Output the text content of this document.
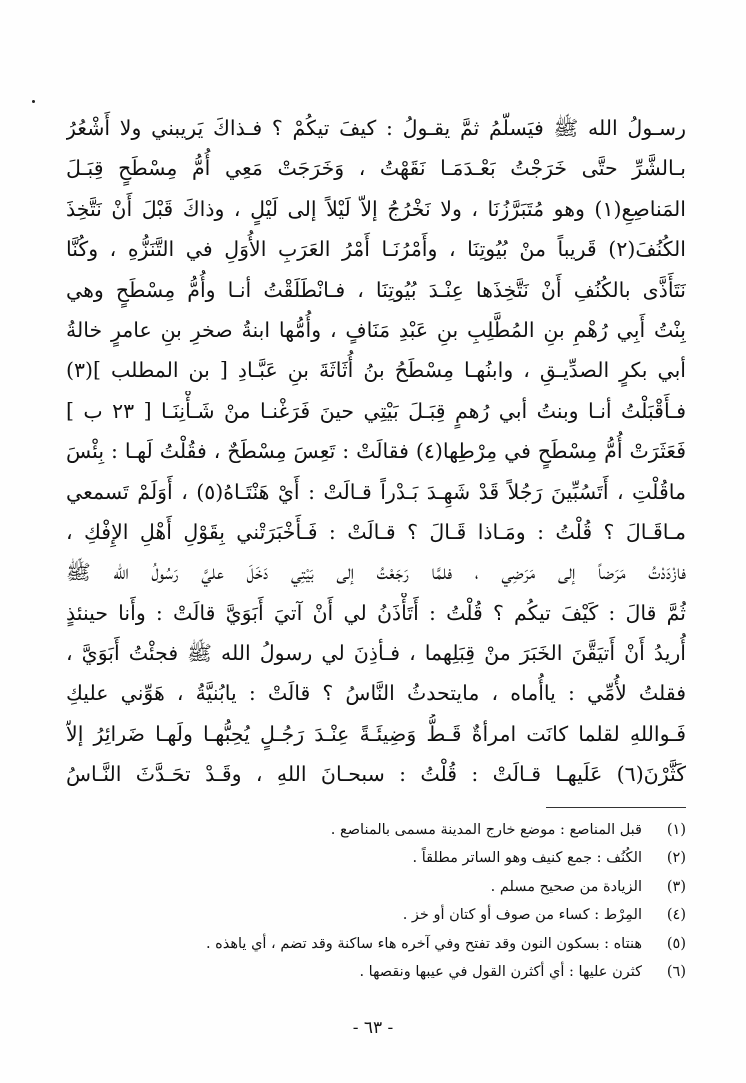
رسـولُ الله ﷺ فيَسلّمُ ثمَّ يقـولُ : كيفَ تيكُمْ ؟ فـذاكَ يَريبني ولا أَشْعُرُ
بـالشَّرِّ حتَّى خَرَجْتُ بَعْـدَمَـا نَقَهْتُ ، وَخَرَجَتْ مَعِي أُمُّ مِسْطَحٍ قِبَـلَ
المَناصِعِ(١) وهو مُتَبَرَّزُنَا ، ولا نَخْرُجُ إلاّ لَيْلاً إلى لَيْلٍ ، وذاكَ قَبْلَ أَنْ نَتَّخِذَ
الكُنُفَ(٢) قَريباً منْ بُيُوتِنَا ، وأَمْرُنَـا أَمْرُ العَرَبِ الأُوَلِ في التَّنَزُّهِ ، وكُنَّا
نَتَأَذَّى بالكُنُفِ أَنْ نَتَّخِذَها عِنْـدَ بُيُوتِنَا ، فـانْطَلَقْتُ أنـا وأُمُّ مِسْطَحٍ وهي
بِنْتُ أَبِي رُهْمِ بنِ المُطَّلِبِ بنِ عَبْدِ مَنَافٍ ، وأُمُّها ابنةُ صخرِ بنِ عامرٍ خالةُ
أبي بكرٍ الصدِّيـقِ ، وابنُهـا مِسْطَحُ بنُ أُثَاثَةَ بنِ عَبَّـادِ [ بن المطلب ](٣)
فـأَقْبَلْتُ أنـا وبنتُ أبي رُهمٍ قِبَـلَ بَيْتِي حينَ فَرَغْنـا منْ شَـأْنِنَـا [ ٢٣ ب ]
فَعَثَرَتْ أُمُّ مِسْطَحٍ في مِرْطِها(٤) فقالَتْ : تَعِسَ مِسْطَحٌ ، فقُلْتُ لَهـا : بِئْسَ
ماقُلْتِ ، أَتَسُبِّينَ رَجُلاً قَدْ شَهِـدَ بَـدْراً قـالَتْ : أَيْ هَنْتَـاهُ(٥) ، أَوَلَمْ تَسمعي
مـاقَـالَ ؟ قُلْتُ : ومَـاذا قَـالَ ؟ قـالَتْ : فَـأَخْبَرَتْني بِقَوْلِ أَهْلِ الإِفْكِ ،
فازْدَدْتُ مَرَضاً إلى مَرَضِي ، فلمَّا رَجَعْتُ إلى بَيْتِي دَخَلَ عليَّ رَسُولُ الله ﷺ
ثُمَّ قالَ : كَيْفَ تيكُم ؟ قُلْتُ : أَتَأْذَنُ لي أَنْ آتيَ أَبَوَيَّ قالَتْ : وأَنا حينئذٍ
أُريدُ أَنْ أَتيَقَّنَ الخَبَرَ منْ قِبَلِهما ، فـأذِنَ لي رسولُ الله ﷺ فجئْتُ أَبَوَيَّ ،
فقلتُ لأُمِّي : ياأُماه ، مايتحدثُ النَّاسُ ؟ قالَتْ : يابُنيَّةُ ، هَوِّني عليكِ
فَـواللهِ لقلما كانَت امرأةٌ قَـطُّ وَضِيئَـةً عِنْـدَ رَجُـلٍ يُحِبُّهـا ولَهـا ضَرائِرُ إلاّ
كَثَّرْنَ(٦) عَلَيهـا قـالَتْ : قُلْتُ : سبحـانَ اللهِ ، وقَـدْ تحَـدَّثَ النَّـاسُ
(١)
قبل المناصع : موضع خارج المدينة مسمى بالمناصع .
(٢)
الكُنُف : جمع كنيف وهو الساتر مطلقاً .
(٣)
الزيادة من صحيح مسلم .
(٤)
المِرْط : كساء من صوف أو كتان أو خز .
(٥)
هنتاه : بسكون النون وقد تفتح وفي آخره هاء ساكنة وقد تضم ، أي ياهذه .
(٦)
كثرن عليها : أي أكثرن القول في عيبها ونقصها .
- ٦٣ -
